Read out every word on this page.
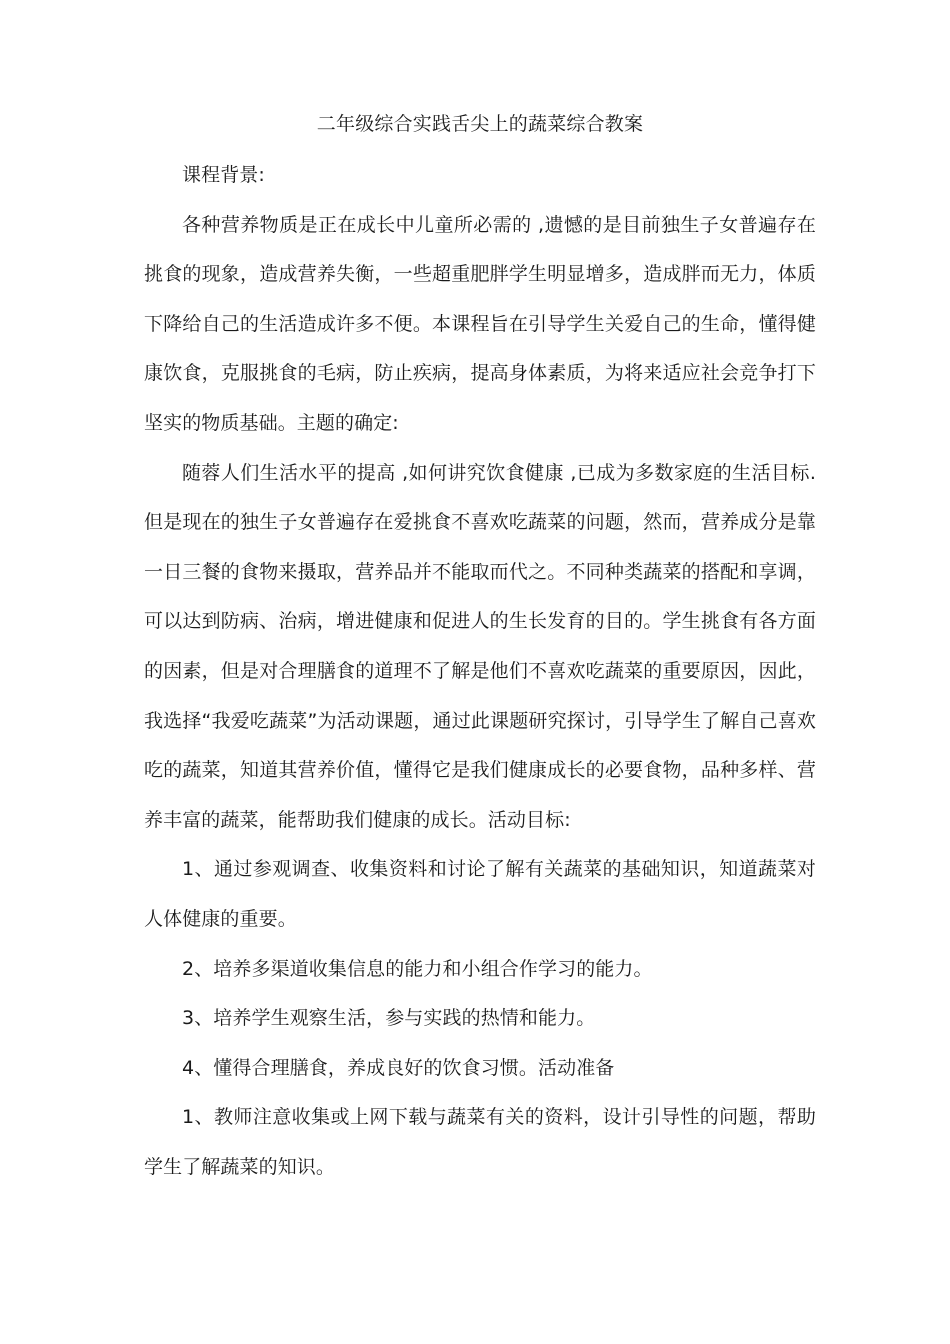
二年级综合实践舌尖上的蔬菜综合教案

课程背景:

各种营养物质是正在成长中儿童所必需的 ,遗憾的是目前独生子女普遍存在挑食的现象，造成营养失衡，一些超重肥胖学生明显增多，造成胖而无力，体质下降给自己的生活造成许多不便。本课程旨在引导学生关爱自己的生命，懂得健康饮食，克服挑食的毛病，防止疾病，提高身体素质，为将来适应社会竞争打下坚实的物质基础。主题的确定:

随蓉人们生活水平的提高 ,如何讲究饮食健康 ,已成为多数家庭的生活目标. 但是现在的独生子女普遍存在爱挑食不喜欢吃蔬菜的问题，然而，营养成分是靠一日三餐的食物来摄取，营养品并不能取而代之。不同种类蔬菜的搭配和享调，可以达到防病、治病，增进健康和促进人的生长发育的目的。学生挑食有各方面的因素，但是对合理膳食的道理不了解是他们不喜欢吃蔬菜的重要原因，因此，我选择“我爱吃蔬菜”为活动课题，通过此课题研究探讨，引导学生了解自己喜欢吃的蔬菜，知道其营养价值，懂得它是我们健康成长的必要食物，品种多样、营养丰富的蔬菜，能帮助我们健康的成长。活动目标:

1、通过参观调查、收集资料和讨论了解有关蔬菜的基础知识，知道蔬菜对人体健康的重要。

2、培养多渠道收集信息的能力和小组合作学习的能力。

3、培养学生观察生活，参与实践的热情和能力。

4、懂得合理膳食，养成良好的饮食习惯。活动准备

1、教师注意收集或上网下载与蔬菜有关的资料，设计引导性的问题，帮助学生了解蔬菜的知识。
